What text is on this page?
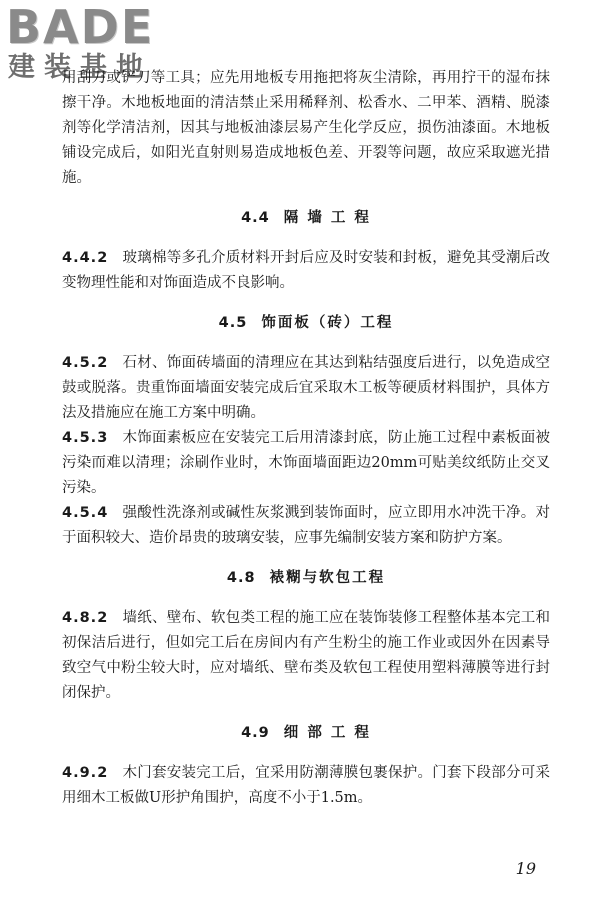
BADE
建装基地

用刮刀或铲刀等工具；应先用地板专用拖把将灰尘清除，再用拧干的湿布抹擦干净。木地板地面的清洁禁止采用稀释剂、松香水、二甲苯、酒精、脱漆剂等化学清洁剂，因其与地板油漆层易产生化学反应，损伤油漆面。木地板铺设完成后，如阳光直射则易造成地板色差、开裂等问题，故应采取遮光措施。

4.4 隔 墙 工 程

4.4.2 玻璃棉等多孔介质材料开封后应及时安装和封板，避免其受潮后改变物理性能和对饰面造成不良影响。

4.5 饰面板（砖）工程

4.5.2 石材、饰面砖墙面的清理应在其达到粘结强度后进行，以免造成空鼓或脱落。贵重饰面墙面安装完成后宜采取木工板等硬质材料围护，具体方法及措施应在施工方案中明确。

4.5.3 木饰面素板应在安装完工后用清漆封底，防止施工过程中素板面被污染而难以清理；涂刷作业时，木饰面墙面距边20mm可贴美纹纸防止交叉污染。

4.5.4 强酸性洗涤剂或碱性灰浆溅到装饰面时，应立即用水冲洗干净。对于面积较大、造价昂贵的玻璃安装，应事先编制安装方案和防护方案。

4.8 裱糊与软包工程

4.8.2 墙纸、壁布、软包类工程的施工应在装饰装修工程整体基本完工和初保洁后进行，但如完工后在房间内有产生粉尘的施工作业或因外在因素导致空气中粉尘较大时，应对墙纸、壁布类及软包工程使用塑料薄膜等进行封闭保护。

4.9 细 部 工 程

4.9.2 木门套安装完工后，宜采用防潮薄膜包裹保护。门套下段部分可采用细木工板做U形护角围护，高度不小于1.5m。

19
